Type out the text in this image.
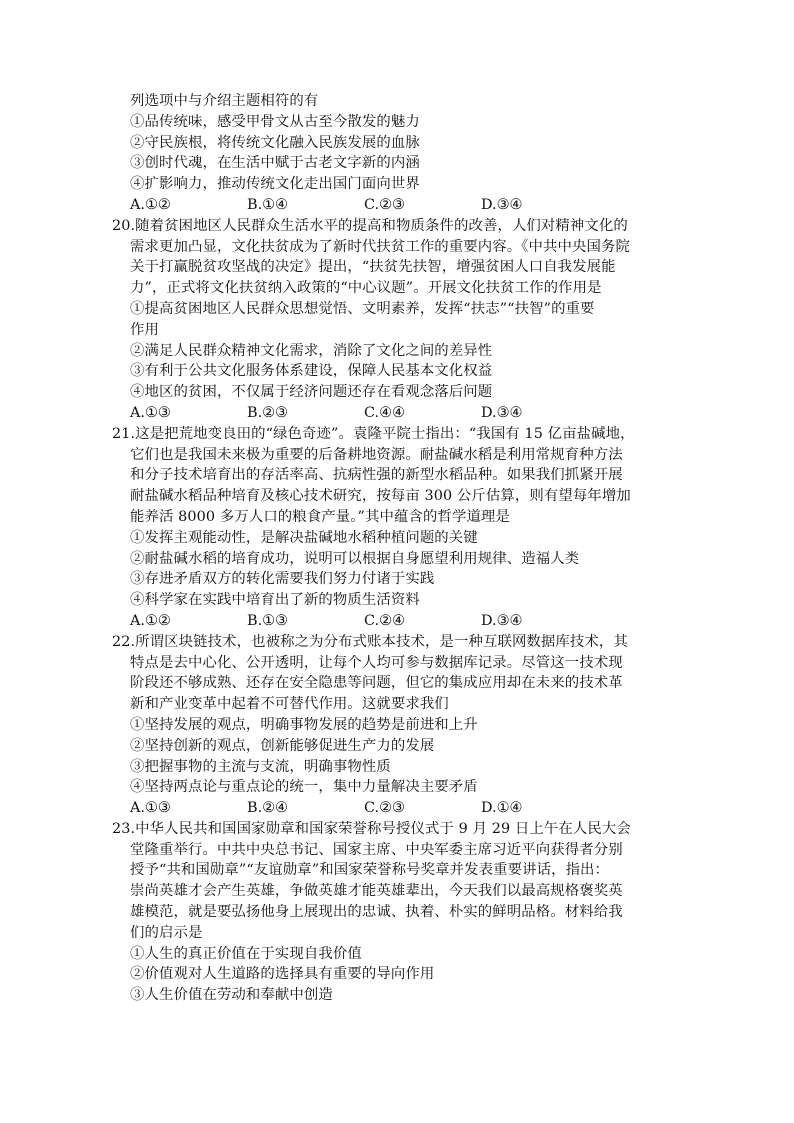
列选项中与介绍主题相符的有
①品传统味，感受甲骨文从古至今散发的魅力
②守民族根，将传统文化融入民族发展的血脉
③创时代魂，在生活中赋于古老文字新的内涵
④扩影响力，推动传统文化走出国门面向世界
A.①②	B.①④	C.②③	D.③④
20.随着贫困地区人民群众生活水平的提高和物质条件的改善，人们对精神文化的
需求更加凸显，文化扶贫成为了新时代扶贫工作的重要内容。《中共中央国务院
关于打赢脱贫攻坚战的决定》提出，“扶贫先扶智，增强贫困人口自我发展能
力”，正式将文化扶贫纳入政策的“中心议题”。开展文化扶贫工作的作用是
①提高贫困地区人民群众思想觉悟、文明素养，发挥“扶志”“扶智”的重要
作用
②满足人民群众精神文化需求，消除了文化之间的差异性
③有利于公共文化服务体系建设，保障人民基本文化权益
④地区的贫困，不仅属于经济问题还存在看观念落后问题
A.①③	B.②③	C.④④	D.③④
21.这是把荒地变良田的“绿色奇迹”。袁隆平院士指出：“我国有 15 亿亩盐碱地，
它们也是我国未来极为重要的后备耕地资源。耐盐碱水稻是利用常规育种方法
和分子技术培育出的存活率高、抗病性强的新型水稻品种。如果我们抓紧开展
耐盐碱水稻品种培育及核心技术研究，按每亩 300 公斤估算，则有望每年增加
能养活 8000 多万人口的粮食产量。”其中蕴含的哲学道理是
①发挥主观能动性，是解决盐碱地水稻种植问题的关键
②耐盐碱水稻的培育成功，说明可以根据自身愿望利用规律、造福人类
③存进矛盾双方的转化需要我们努力付诸于实践
④科学家在实践中培育出了新的物质生活资料
A.①②	B.①③	C.②④	D.③④
22.所谓区块链技术，也被称之为分布式账本技术，是一种互联网数据库技术，其
特点是去中心化、公开透明，让每个人均可参与数据库记录。尽管这一技术现
阶段还不够成熟、还存在安全隐患等问题，但它的集成应用却在未来的技术革
新和产业变革中起着不可替代作用。这就要求我们
①坚持发展的观点，明确事物发展的趋势是前进和上升
②坚持创新的观点，创新能够促进生产力的发展
③把握事物的主流与支流，明确事物性质
④坚持两点论与重点论的统一，集中力量解决主要矛盾
A.①③	B.②④	C.②③	D.①④
23.中华人民共和国国家勋章和国家荣誉称号授仪式于 9 月 29 日上午在人民大会
堂隆重举行。中共中央总书记、国家主席、中央军委主席习近平向获得者分别
授予“共和国勋章”“友谊勋章”和国家荣誉称号奖章并发表重要讲话，指出：
崇尚英雄才会产生英雄，争做英雄才能英雄辈出，今天我们以最高规格褒奖英
雄模范，就是要弘扬他身上展现出的忠诚、执着、朴实的鲜明品格。材料给我
们的启示是
①人生的真正价值在于实现自我价值
②价值观对人生道路的选择具有重要的导向作用
③人生价值在劳动和奉献中创造
